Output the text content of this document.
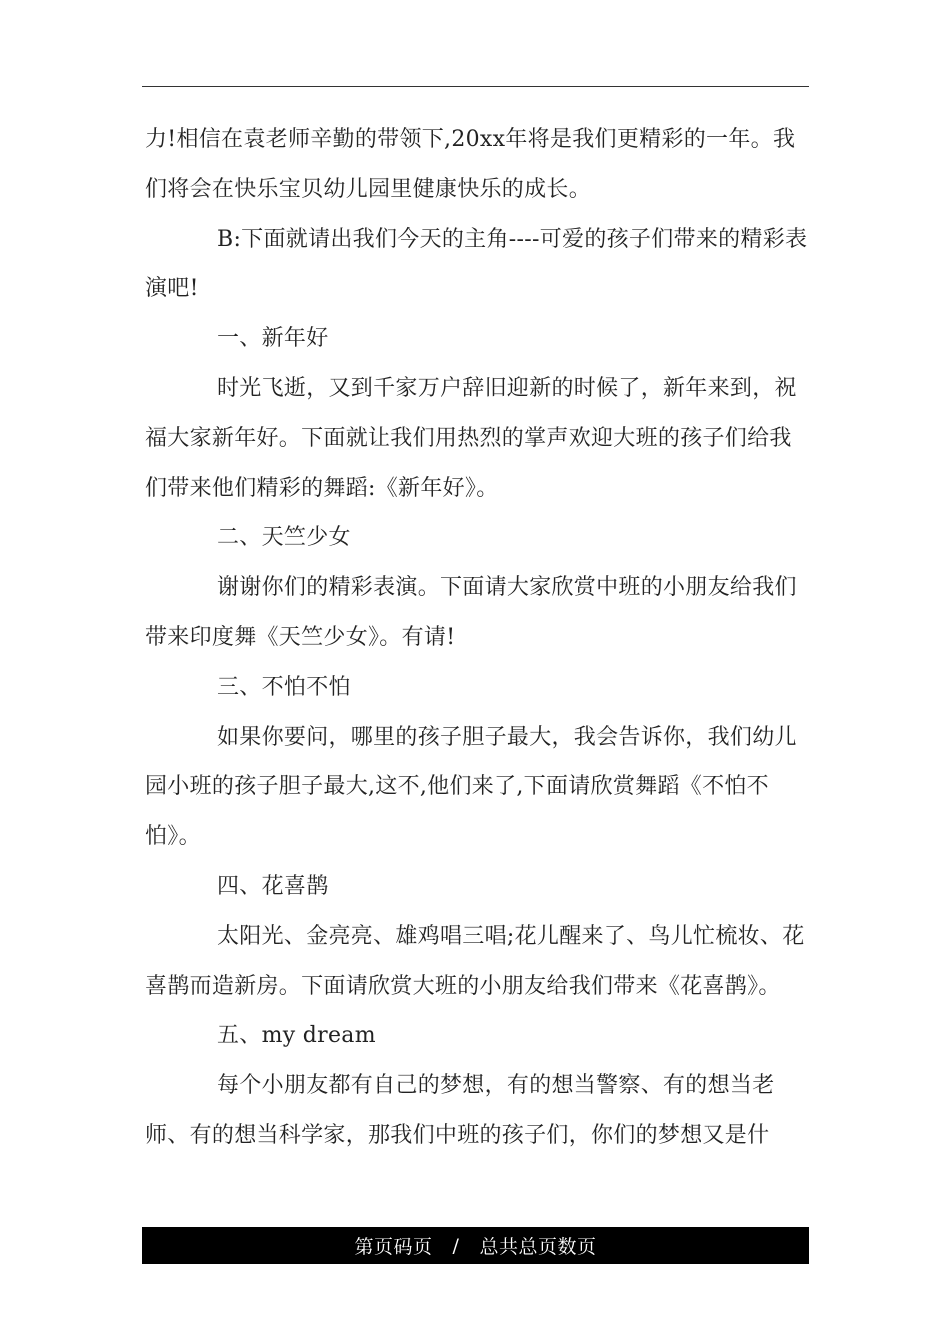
力!相信在袁老师辛勤的带领下,20xx年将是我们更精彩的一年。我们将会在快乐宝贝幼儿园里健康快乐的成长。

B:下面就请出我们今天的主角----可爱的孩子们带来的精彩表演吧!

一、新年好

时光飞逝，又到千家万户辞旧迎新的时候了，新年来到，祝福大家新年好。下面就让我们用热烈的掌声欢迎大班的孩子们给我们带来他们精彩的舞蹈:《新年好》。

二、天竺少女

谢谢你们的精彩表演。下面请大家欣赏中班的小朋友给我们带来印度舞《天竺少女》。有请!

三、不怕不怕

如果你要问，哪里的孩子胆子最大，我会告诉你，我们幼儿园小班的孩子胆子最大,这不,他们来了,下面请欣赏舞蹈《不怕不怕》。

四、花喜鹊

太阳光、金亮亮、雄鸡唱三唱;花儿醒来了、鸟儿忙梳妆、花喜鹊而造新房。下面请欣赏大班的小朋友给我们带来《花喜鹊》。

五、my dream

每个小朋友都有自己的梦想，有的想当警察、有的想当老师、有的想当科学家，那我们中班的孩子们，你们的梦想又是什

第页码页 / 总共总页数页
